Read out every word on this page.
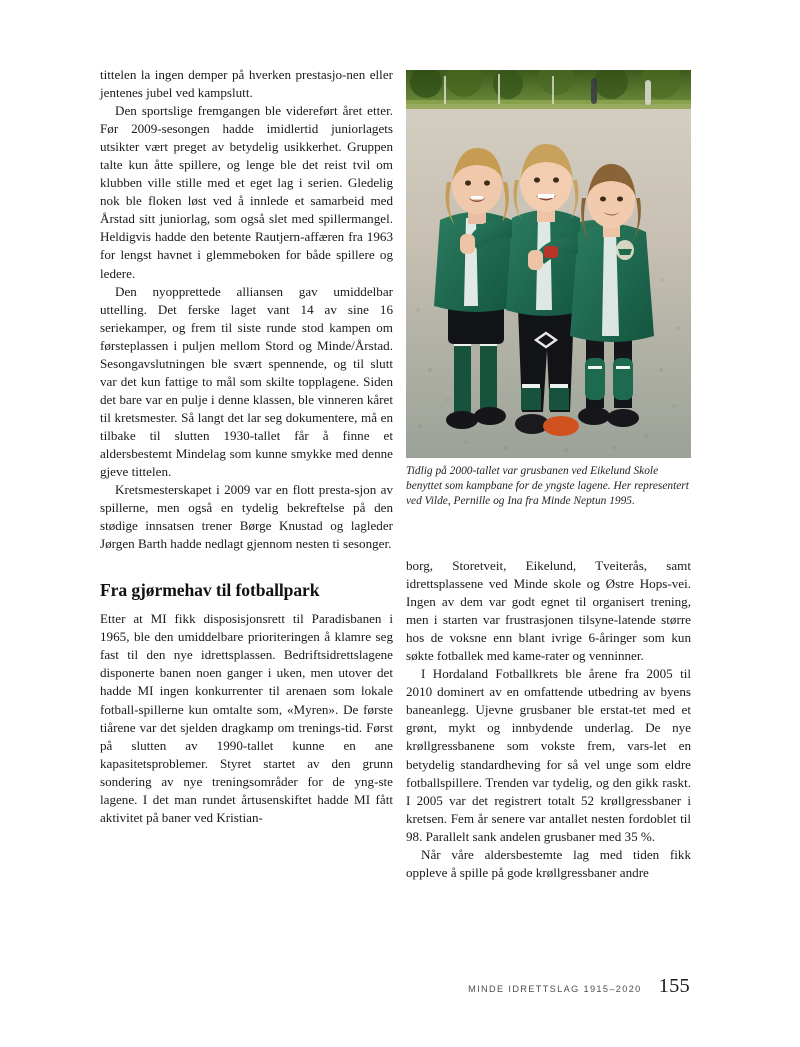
tittelen la ingen demper på hverken prestasjo-nen eller jentenes jubel ved kampslutt.

Den sportslige fremgangen ble videreført året etter. Før 2009-sesongen hadde imidlertid juniorlagets utsikter vært preget av betydelig usikkerhet. Gruppen talte kun åtte spillere, og lenge ble det reist tvil om klubben ville stille med et eget lag i serien. Gledelig nok ble floken løst ved å innlede et samarbeid med Årstad sitt juniorlag, som også slet med spillermangel. Heldigvis hadde den betente Rautjern-affæren fra 1963 for lengst havnet i glemmeboken for både spillere og ledere.

Den nyopprettede alliansen gav umiddelbar uttelling. Det ferske laget vant 14 av sine 16 seriekamper, og frem til siste runde stod kampen om førsteplassen i puljen mellom Stord og Minde/Årstad. Sesongavslutningen ble svært spennende, og til slutt var det kun fattige to mål som skilte topplagene. Siden det bare var en pulje i denne klassen, ble vinneren kåret til kretsmester. Så langt det lar seg dokumentere, må en tilbake til slutten 1930-tallet får å finne et aldersbestemt Mindelag som kunne smykke med denne gjeve tittelen.

Kretsmesterskapet i 2009 var en flott presta-sjon av spillerne, men også en tydelig bekreftelse på den stødige innsatsen trener Børge Knustad og lagleder Jørgen Barth hadde nedlagt gjennom nesten ti sesonger.

Fra gjørmehav til fotballpark

Etter at MI fikk disposisjonsrett til Paradisbanen i 1965, ble den umiddelbare prioriteringen å klamre seg fast til den nye idrettsplassen. Bedriftsidrettslagene disponerte banen noen ganger i uken, men utover det hadde MI ingen konkurrenter til arenaen som lokale fotball-spillerne kun omtalte som, «Myren». De første tiårene var det sjelden dragkamp om trenings-tid. Først på slutten av 1990-tallet kunne en ane kapasitetsproblemer. Styret startet av den grunn sondering av nye treningsområder for de yng-ste lagene. I det man rundet årtusenskiftet hadde MI fått aktivitet på baner ved Kristian-

Tidlig på 2000-tallet var grusbanen ved Eikelund Skole benyttet som kampbane for de yngste lagene. Her representert ved Vilde, Pernille og Ina fra Minde Neptun 1995.

borg, Storetveit, Eikelund, Tveiterås, samt idrettsplassene ved Minde skole og Østre Hops-vei. Ingen av dem var godt egnet til organisert trening, men i starten var frustrasjonen tilsyne-latende større hos de voksne enn blant ivrige 6-åringer som kun søkte fotballek med kame-rater og venninner.

I Hordaland Fotballkrets ble årene fra 2005 til 2010 dominert av en omfattende utbedring av byens baneanlegg. Ujevne grusbaner ble erstat-tet med et grønt, mykt og innbydende underlag. De nye krøllgressbanene som vokste frem, vars-let en betydelig standardheving for så vel unge som eldre fotballspillere. Trenden var tydelig, og den gikk raskt. I 2005 var det registrert totalt 52 krøllgressbaner i kretsen. Fem år senere var antallet nesten fordoblet til 98. Parallelt sank andelen grusbaner med 35 %.

Når våre aldersbestemte lag med tiden fikk oppleve å spille på gode krøllgressbaner andre

MINDE IDRETTSLAG 1915–2020 155
